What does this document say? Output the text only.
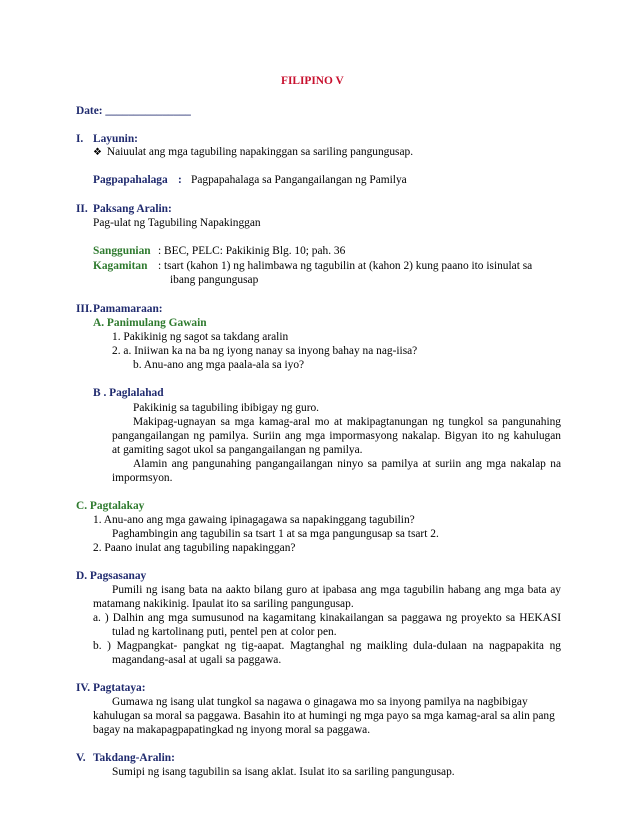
FILIPINO V
Date: _______________
I. Layunin:
❖ Naiuulat ang mga tagubiling napakinggan sa sariling pangungusap.
Pagpapahalaga : Pagpapahalaga sa Pangangailangan ng Pamilya
II. Paksang Aralin:
Pag-ulat ng Tagubiling Napakinggan
Sanggunian : BEC, PELC: Pakikinig Blg. 10; pah. 36
Kagamitan : tsart (kahon 1) ng halimbawa ng tagubilin at (kahon 2) kung paano ito isinulat sa
ibang pangungusap
III. Pamamaraan:
A. Panimulang Gawain
1. Pakikinig ng sagot sa takdang aralin
2. a. Iniiwan ka na ba ng iyong nanay sa inyong bahay na nag-iisa?
b. Anu-ano ang mga paala-ala sa iyo?
B . Paglalahad
Pakikinig sa tagubiling ibibigay ng guro.
Makipag-ugnayan sa mga kamag-aral mo at makipagtanungan ng tungkol sa pangunahing
pangangailangan ng pamilya. Suriin ang mga impormasyong nakalap. Bigyan ito ng kahulugan
at gamiting sagot ukol sa pangangailangan ng pamilya.
Alamin ang pangunahing pangangailangan ninyo sa pamilya at suriin ang mga nakalap na
impormsyon.
C. Pagtalakay
1. Anu-ano ang mga gawaing ipinagagawa sa napakinggang tagubilin?
Paghambingin ang tagubilin sa tsart 1 at sa mga pangungusap sa tsart 2.
2. Paano inulat ang tagubiling napakinggan?
D. Pagsasanay
Pumili ng isang bata na aakto bilang guro at ipabasa ang mga tagubilin habang ang mga bata ay
matamang nakikinig. Ipaulat ito sa sariling pangungusap.
a. ) Dalhin ang mga sumusunod na kagamitang kinakailangan sa paggawa ng proyekto sa HEKASI
tulad ng kartolinang puti, pentel pen at color pen.
b. ) Magpangkat- pangkat ng tig-aapat. Magtanghal ng maikling dula-dulaan na nagpapakita ng
magandang-asal at ugali sa paggawa.
IV. Pagtataya:
Gumawa ng isang ulat tungkol sa nagawa o ginagawa mo sa inyong pamilya na nagbibigay
kahulugan sa moral sa paggawa. Basahin ito at humingi ng mga payo sa mga kamag-aral sa alin pang
bagay na makapagpapatingkad ng inyong moral sa paggawa.
V. Takdang-Aralin:
Sumipi ng isang tagubilin sa isang aklat. Isulat ito sa sariling pangungusap.
